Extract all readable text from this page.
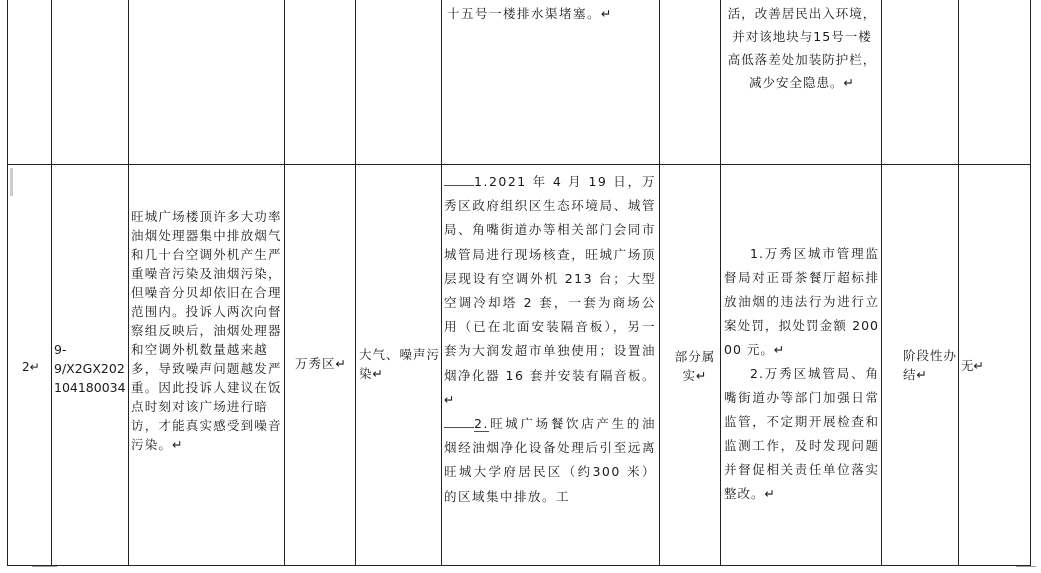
十五号一楼排水渠堵塞。↵	活，改善居民出入环境，并对该地块与15号一楼高低落差处加装防护栏，减少安全隐患。↵
2↵
9-
9/X2GX202
104180034
旺城广场楼顶许多大功率油烟处理器集中排放烟气和几十台空调外机产生严重噪音污染及油烟污染，但噪音分贝却依旧在合理范围内。投诉人两次向督察组反映后，油烟处理器和空调外机数量越来越多，导致噪声问题越发严重。因此投诉人建议在饭点时刻对该广场进行暗访，才能真实感受到噪音污染。↵
万秀区↵
大气、噪声污染↵
1.2021 年 4 月 19 日，万秀区政府组织区生态环境局、城管局、角嘴街道办等相关部门会同市城管局进行现场核查，旺城广场顶层现设有空调外机 213 台；大型空调冷却塔 2 套，一套为商场公用（已在北面安装隔音板），另一套为大润发超市单独使用；设置油烟净化器 16 套并安装有隔音板。↵
2.旺城广场餐饮店产生的油烟经油烟净化设备处理后引至远离旺城大学府居民区（约300 米）的区域集中排放。工
部分属实↵
1.万秀区城市管理监督局对正哥茶餐厅超标排放油烟的违法行为进行立案处罚，拟处罚金额 20000 元。↵
2.万秀区城管局、角嘴街道办等部门加强日常监管，不定期开展检查和监测工作，及时发现问题并督促相关责任单位落实整改。↵
阶段性办结↵
无↵
